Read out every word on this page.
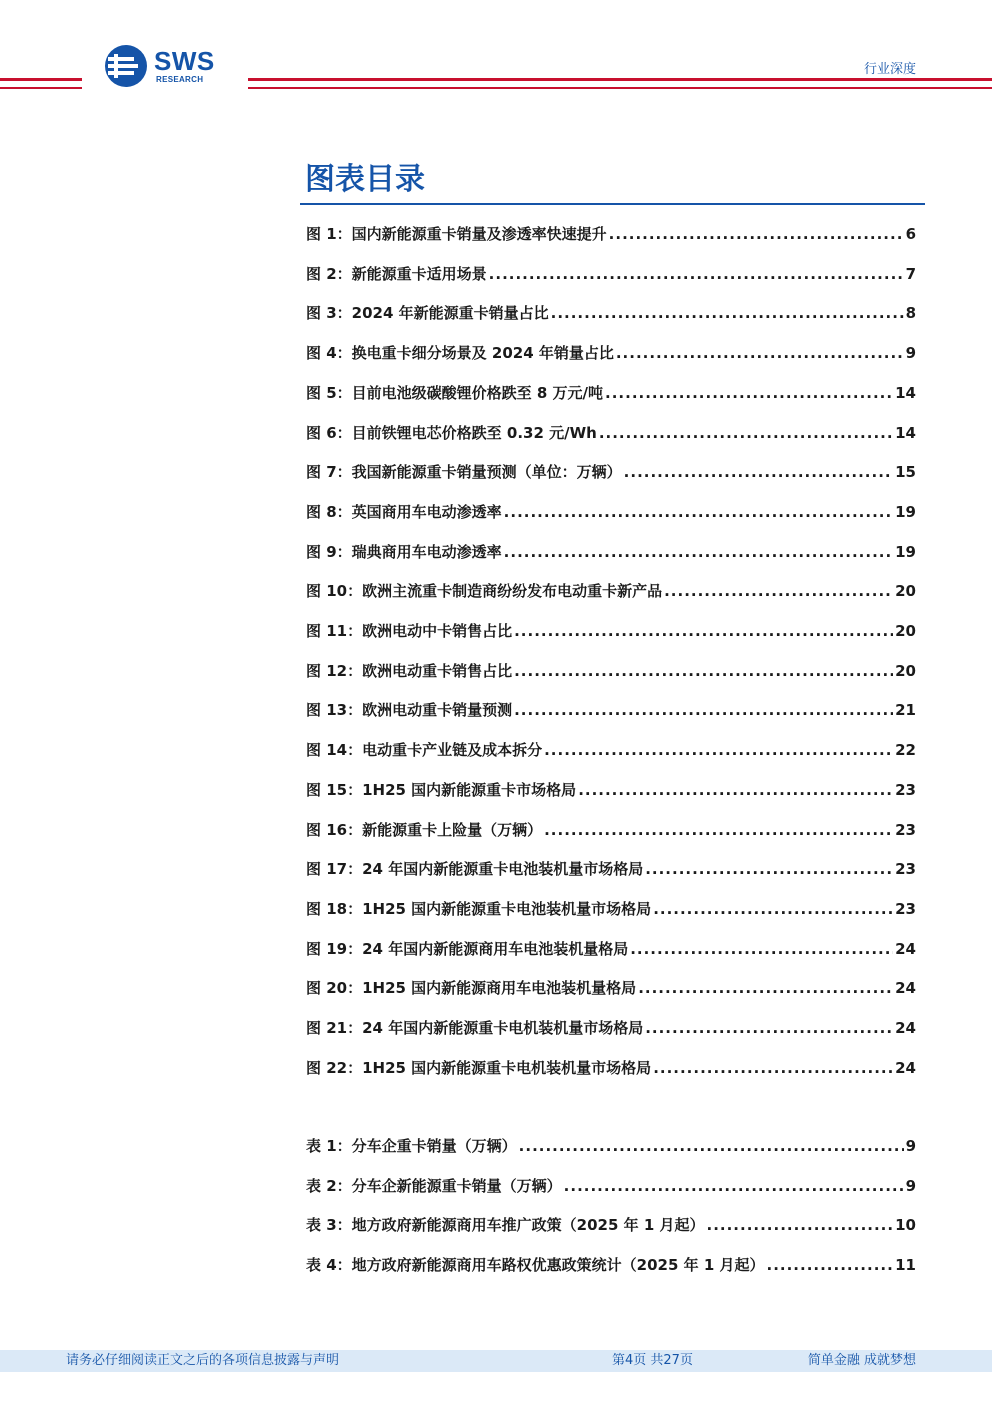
SWS
RESEARCH
行业深度
图表目录
图 1：国内新能源重卡销量及渗透率快速提升 .....	6
图 2：新能源重卡适用场景 .....	7
图 3：2024 年新能源重卡销量占比 .....	8
图 4：换电重卡细分场景及 2024 年销量占比 .....	9
图 5：目前电池级碳酸锂价格跌至 8 万元/吨 .....	14
图 6：目前铁锂电芯价格跌至 0.32 元/Wh .....	14
图 7：我国新能源重卡销量预测（单位：万辆） .....	15
图 8：英国商用车电动渗透率 .....	19
图 9：瑞典商用车电动渗透率 .....	19
图 10：欧洲主流重卡制造商纷纷发布电动重卡新产品 .....	20
图 11：欧洲电动中卡销售占比 .....	20
图 12：欧洲电动重卡销售占比 .....	20
图 13：欧洲电动重卡销量预测 .....	21
图 14：电动重卡产业链及成本拆分 .....	22
图 15：1H25 国内新能源重卡市场格局 .....	23
图 16：新能源重卡上险量（万辆） .....	23
图 17：24 年国内新能源重卡电池装机量市场格局 .....	23
图 18：1H25 国内新能源重卡电池装机量市场格局 .....	23
图 19：24 年国内新能源商用车电池装机量格局 .....	24
图 20：1H25 国内新能源商用车电池装机量格局 .....	24
图 21：24 年国内新能源重卡电机装机量市场格局 .....	24
图 22：1H25 国内新能源重卡电机装机量市场格局 .....	24
表 1：分车企重卡销量（万辆） .....	9
表 2：分车企新能源重卡销量（万辆） .....	9
表 3：地方政府新能源商用车推广政策（2025 年 1 月起） .....	10
表 4：地方政府新能源商用车路权优惠政策统计（2025 年 1 月起） .....	11
请务必仔细阅读正文之后的各项信息披露与声明	第4页 共27页	简单金融 成就梦想
